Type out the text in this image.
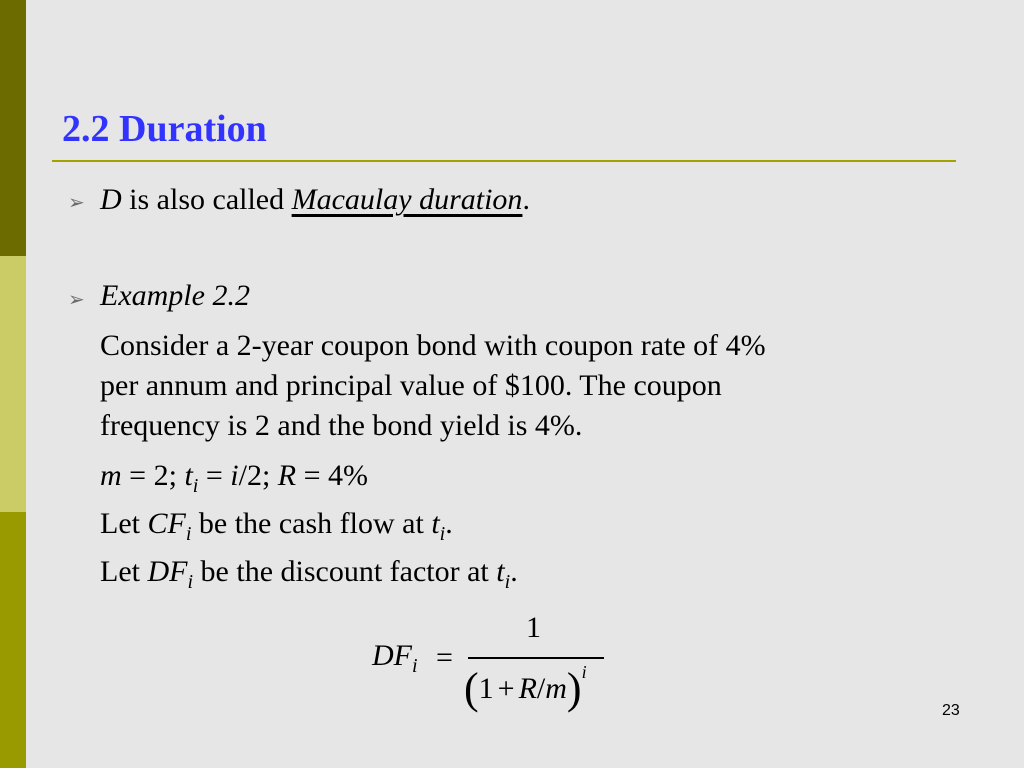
2.2 Duration
➢ D is also called Macaulay duration.
➢ Example 2.2
Consider a 2-year coupon bond with coupon rate of 4%
per annum and principal value of $100. The coupon
frequency is 2 and the bond yield is 4%.
m = 2; $t_i = i/2$; R = 4%
Let $CF_i$ be the cash flow at $t_i$.
Let $DF_i$ be the discount factor at $t_i$.
$DF_i$ =
1
$(1 + R/m)^i$
23
